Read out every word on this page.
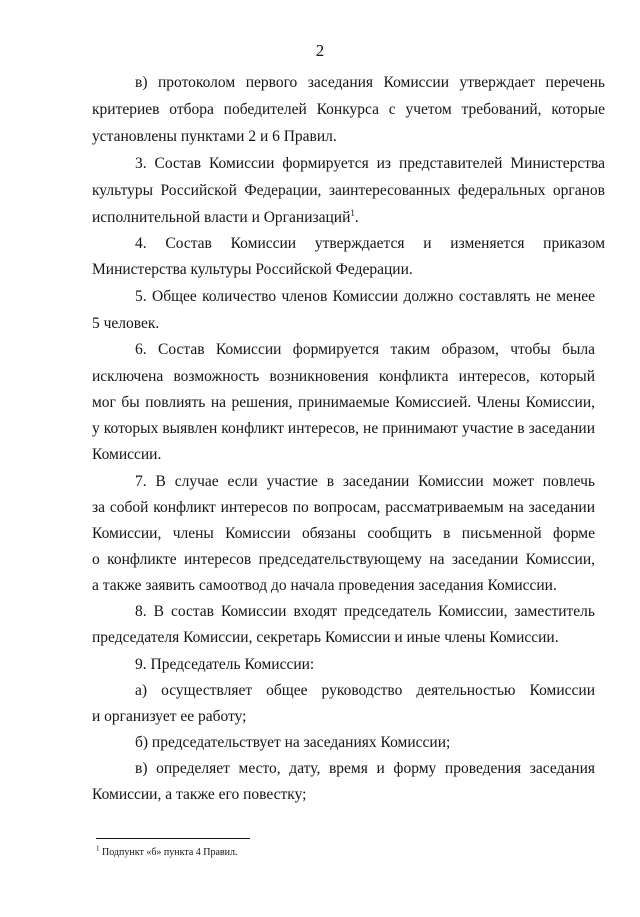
2
в) протоколом первого заседания Комиссии утверждает перечень
критериев отбора победителей Конкурса с учетом требований, которые
установлены пунктами 2 и 6 Правил.
3. Состав Комиссии формируется из представителей Министерства
культуры Российской Федерации, заинтересованных федеральных органов
исполнительной власти и Организаций$^1$.
4. Состав Комиссии утверждается и изменяется приказом
Министерства культуры Российской Федерации.
5. Общее количество членов Комиссии должно составлять не менее
5 человек.
6. Состав Комиссии формируется таким образом, чтобы была
исключена возможность возникновения конфликта интересов, который
мог бы повлиять на решения, принимаемые Комиссией. Члены Комиссии,
у которых выявлен конфликт интересов, не принимают участие в заседании
Комиссии.
7. В случае если участие в заседании Комиссии может повлечь
за собой конфликт интересов по вопросам, рассматриваемым на заседании
Комиссии, члены Комиссии обязаны сообщить в письменной форме
о конфликте интересов председательствующему на заседании Комиссии,
а также заявить самоотвод до начала проведения заседания Комиссии.
8. В состав Комиссии входят председатель Комиссии, заместитель
председателя Комиссии, секретарь Комиссии и иные члены Комиссии.
9. Председатель Комиссии:
а) осуществляет общее руководство деятельностью Комиссии
и организует ее работу;
б) председательствует на заседаниях Комиссии;
в) определяет место, дату, время и форму проведения заседания
Комиссии, а также его повестку;
$^1$ Подпункт «б» пункта 4 Правил.
